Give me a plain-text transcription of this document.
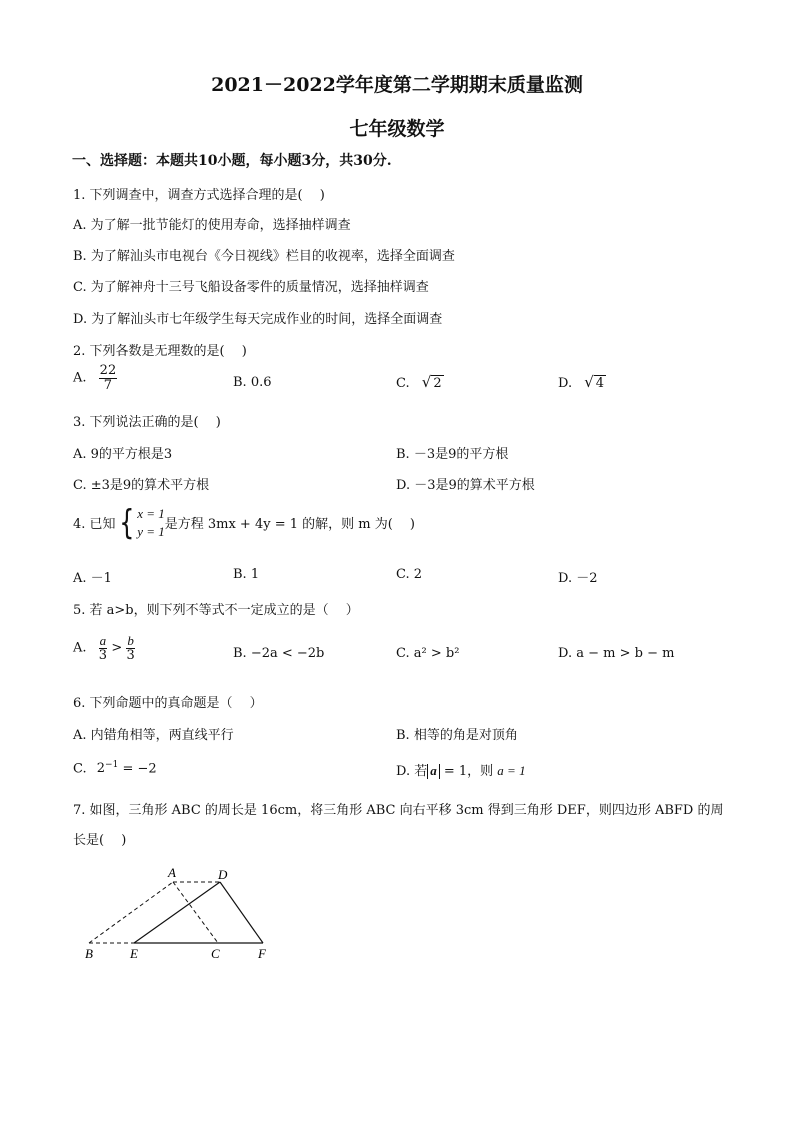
2021－2022学年度第二学期期末质量监测
七年级数学
一、选择题：本题共10小题，每小题3分，共30分.
1. 下列调查中，调查方式选择合理的是(　 )
A. 为了解一批节能灯的使用寿命，选择抽样调查
B. 为了解汕头市电视台《今日视线》栏目的收视率，选择全面调查
C. 为了解神舟十三号飞船设备零件的质量情况，选择抽样调查
D. 为了解汕头市七年级学生每天完成作业的时间，选择全面调查
2. 下列各数是无理数的是(　 )
A. $\frac{22}{7}$	B. 0.6	C. √ 2	D. √ 4
3. 下列说法正确的是(　 )
A. 9的平方根是3	B. －3是9的平方根
C. ±3是9的算术平方根	D. －3是9的算术平方根
4. 已知{ x = 1
y = 1 是方程 3mx + 4y = 1 的解，则 m 为(　 )
A. －1	B. 1	C. 2	D. －2
5. 若 a>b，则下列不等式不一定成立的是（　 ）
A. $\frac{a}{3} > \frac{b}{3}$	B. −2a < −2b	C. a² > b²	D. a − m > b − m
6. 下列命题中的真命题是（　 ）
A. 内错角相等，两直线平行	B. 相等的角是对顶角
C. $2^{-1} = -2$	D. 若 a = 1，则 a = 1
7. 如图，三角形 ABC 的周长是 16cm，将三角形 ABC 向右平移 3cm 得到三角形 DEF，则四边形 ABFD 的周
长是(　 )
A	D
B	E	C	F
